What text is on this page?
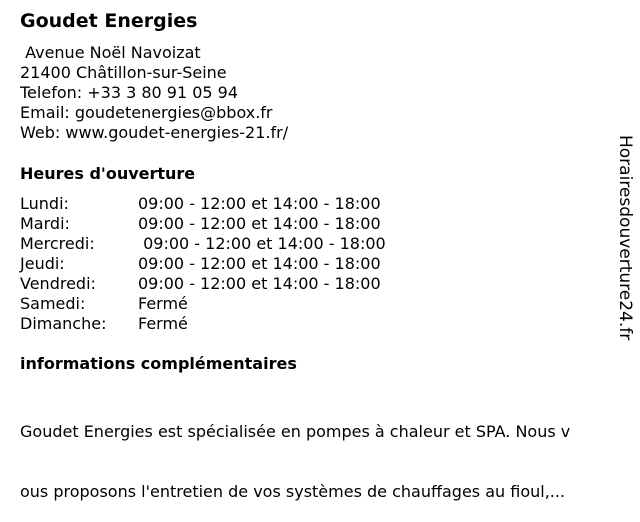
Goudet Energies
Avenue Noël Navoizat
21400 Châtillon-sur-Seine
Telefon: +33 3 80 91 05 94
Email: goudetenergies@bbox.fr
Web: www.goudet-energies-21.fr/
Heures d'ouverture
Lundi:	09:00 - 12:00 et 14:00 - 18:00
Mardi:	09:00 - 12:00 et 14:00 - 18:00
Mercredi:	09:00 - 12:00 et 14:00 - 18:00
Jeudi:	09:00 - 12:00 et 14:00 - 18:00
Vendredi:	09:00 - 12:00 et 14:00 - 18:00
Samedi:	Fermé
Dimanche:	Fermé
informations complémentaires

Goudet Energies est spécialisée en pompes à chaleur et SPA. Nous v

ous proposons l'entretien de vos systèmes de chauffages au fioul,...

Horairesdouverture24.fr
